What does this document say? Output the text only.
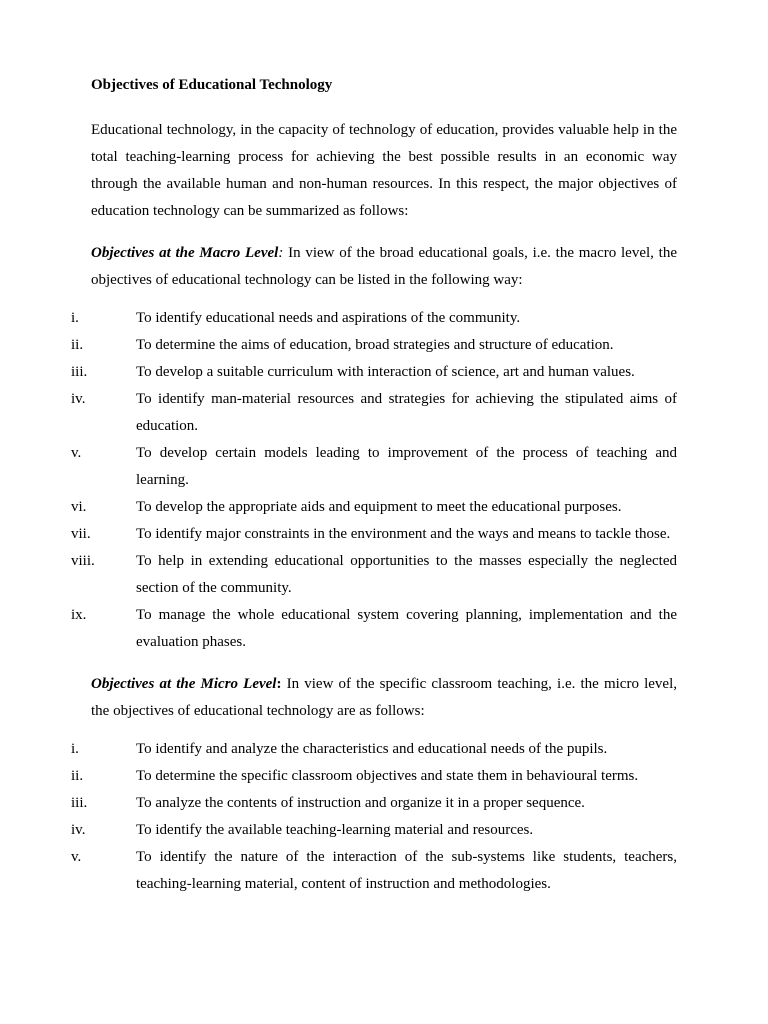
Objectives of Educational Technology

Educational technology, in the capacity of technology of education, provides valuable help in the total teaching-learning process for achieving the best possible results in an economic way through the available human and non-human resources. In this respect, the major objectives of education technology can be summarized as follows:

Objectives at the Macro Level: In view of the broad educational goals, i.e. the macro level, the objectives of educational technology can be listed in the following way:

i.	To identify educational needs and aspirations of the community.
ii.	To determine the aims of education, broad strategies and structure of education.
iii.	To develop a suitable curriculum with interaction of science, art and human values.
iv.	To identify man-material resources and strategies for achieving the stipulated aims of education.
v.	To develop certain models leading to improvement of the process of teaching and learning.
vi.	To develop the appropriate aids and equipment to meet the educational purposes.
vii.	To identify major constraints in the environment and the ways and means to tackle those.
viii.	To help in extending educational opportunities to the masses especially the neglected section of the community.
ix.	To manage the whole educational system covering planning, implementation and the evaluation phases.

Objectives at the Micro Level: In view of the specific classroom teaching, i.e. the micro level, the objectives of educational technology are as follows:

i.	To identify and analyze the characteristics and educational needs of the pupils.
ii.	To determine the specific classroom objectives and state them in behavioural terms.
iii.	To analyze the contents of instruction and organize it in a proper sequence.
iv.	To identify the available teaching-learning material and resources.
v.	To identify the nature of the interaction of the sub-systems like students, teachers, teaching-learning material, content of instruction and methodologies.
